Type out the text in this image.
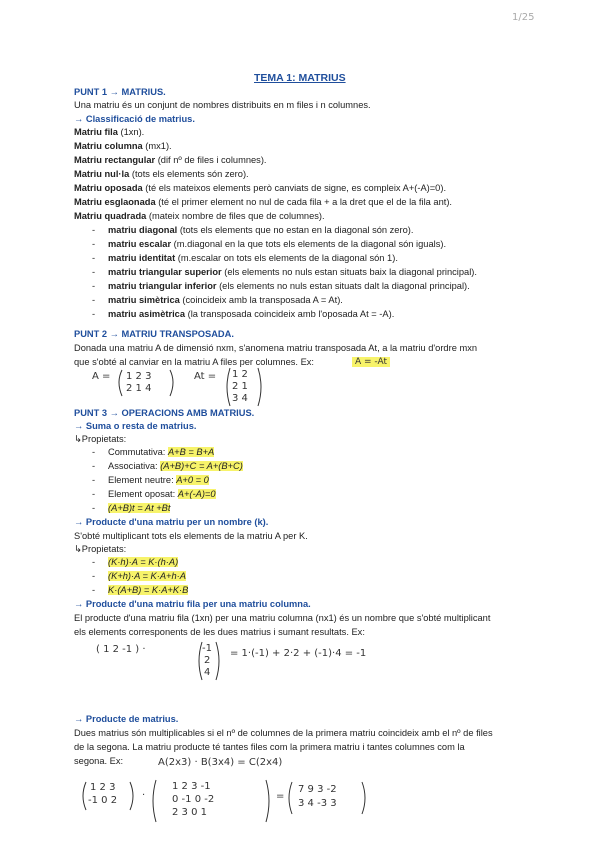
1/25
TEMA 1: MATRIUS
PUNT 1 → MATRIUS.
Una matriu és un conjunt de nombres distribuits en m files i n columnes.
→ Classificació de matrius.
Matriu fila (1xn).
Matriu columna (mx1).
Matriu rectangular (dif nº de files i columnes).
Matriu nul·la (tots els elements són zero).
Matriu oposada (té els mateixos elements però canviats de signe, es compleix A+(-A)=0).
Matriu esglaonada (té el primer element no nul de cada fila + a la dret que el de la fila ant).
Matriu quadrada (mateix nombre de files que de columnes).
-     matriu diagonal (tots els elements que no estan en la diagonal són zero).
-     matriu escalar (m.diagonal en la que tots els elements de la diagonal són iguals).
-     matriu identitat (m.escalar on tots els elements de la diagonal són 1).
-     matriu triangular superior (els elements no nuls estan situats baix la diagonal principal).
-     matriu triangular inferior (els elements no nuls estan situats dalt la diagonal principal).
-     matriu simètrica (coincideix amb la transposada A = At).
-     matriu asimètrica (la transposada coincideix amb l'oposada At = -A).
PUNT 2 → MATRIU TRANSPOSADA.
Donada una matriu A de dimensió nxm, s'anomena matriu transposada At, a la matriu d'ordre mxn
que s'obté al canviar en la matriu A files per columnes. Ex:	A = -At
A = 1 2 3
2 1 4
At = 1 2
2 1
3 4
PUNT 3 → OPERACIONS AMB MATRIUS.
→ Suma o resta de matrius.
↳Propietats:
-     Commutativa: A+B = B+A
-     Associativa: (A+B)+C = A+(B+C)
-     Element neutre: A+0 = 0
-     Element oposat: A+(-A)=0
-     (A+B)t = At +Bt
→ Producte d'una matriu per un nombre (k).
S'obté multiplicant tots els elements de la matriu A per K.
↳Propietats:
-     (K·h)·A = K·(h·A)
-     (K+h)·A = K·A+h·A
-     K·(A+B) = K·A+K·B
→ Producte d'una matriu fila per una matriu columna.
El producte d'una matriu fila (1xn) per una matriu columna (nx1) és un nombre que s'obté multiplicant
els elements corresponents de les dues matrius i sumant resultats. Ex:
( 1 2 -1 ) ·	-1
2
4
= 1·(-1) + 2·2 + (-1)·4 = -1
→ Producte de matrius.
Dues matrius són multiplicables si el nº de columnes de la primera matriu coincideix amb el nº de files
de la segona. La matriu producte té tantes files com la primera matriu i tantes columnes com la
segona. Ex:	A(2x3) · B(3x4) = C(2x4)
1 2 3
-1 0 2 ·
1 2 3 -1
0 -1 0 -2
2 3 0 1
=
7 9 3 -2
3 4 -3 3
